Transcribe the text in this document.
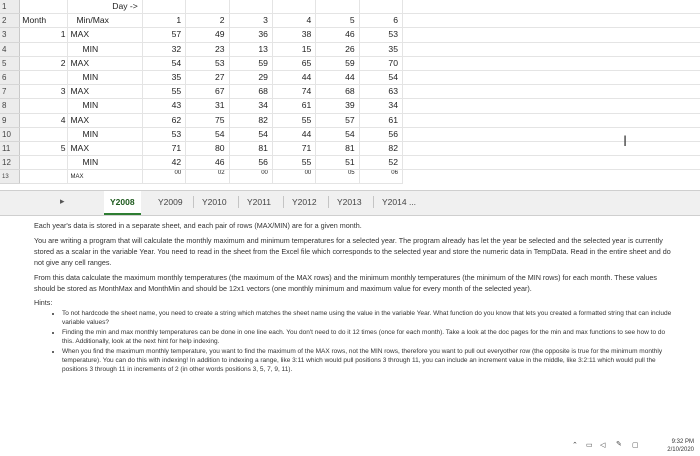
1		Day ->							
2	Month	Min/Max	1	2	3	4	5	6	
3	1	MAX	57	49	36	38	46	53	
4		MIN	32	23	13	15	26	35	
5	2	MAX	54	53	59	65	59	70	
6		MIN	35	27	29	44	44	54	
7	3	MAX	55	67	68	74	68	63	
8		MIN	43	31	34	61	39	34	
9	4	MAX	62	75	82	55	57	61	
10		MIN	53	54	54	44	54	56	
11	5	MAX	71	80	81	71	81	82	
12		MIN	42	46	56	55	51	52	
13		MAX	00	02	00	00	05	06	
I
▸	Y2008	Y2009	Y2010	Y2011	Y2012	Y2013	Y2014 ...

Each year's data is stored in a separate sheet, and each pair of rows (MAX/MIN) are for a given month.

You are writing a program that will calculate the monthly maximum and minimum temperatures for a selected year. The program already has let the year be selected and the selected year is currently stored as a scalar in the variable Year. You need to read in the sheet from the Excel file which corresponds to the selected year and store the numeric data in TempData. Read in the entire sheet and do not give any cell ranges.

From this data calculate the maximum monthly temperatures (the maximum of the MAX rows) and the minimum monthly temperatures (the minimum of the MIN rows) for each month. These values should be stored as MonthMax and MonthMin and should be 12x1 vectors (one monthly minimum and maximum value for every month of the selected year).

Hints:
• To not hardcode the sheet name, you need to create a string which matches the sheet name using the value in the variable Year. What function do you know that lets you created a formatted string that can include variable values?
• Finding the min and max monthly temperatures can be done in one line each. You don't need to do it 12 times (once for each month). Take a look at the doc pages for the min and max functions to see how to do this. Additionally, look at the next hint for help indexing.
• When you find the maximum monthly temperature, you want to find the maximum of the MAX rows, not the MIN rows, therefore you want to pull out everyother row (the opposite is true for the minimum monthly temperature). You can do this with indexing! In addition to indexing a range, like 3:11 which would pull positions 3 through 11, you can include an increment value in the middle, like 3:2:11 which would pull the positions 3 through 11 in increments of 2 (in other words positions 3, 5, 7, 9, 11).
⌃ ▭ ◁ ✎ ▢	9:32 PM
2/10/2020
